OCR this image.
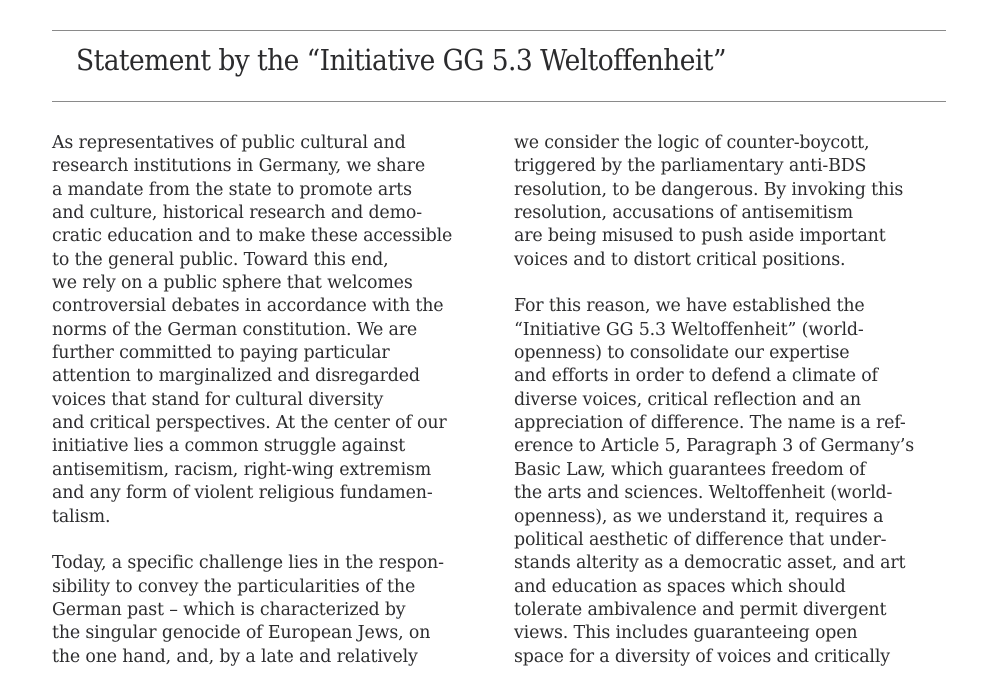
Statement by the “Initiative GG 5.3 Weltoffenheit”

As representatives of public cultural and
research institutions in Germany, we share
a mandate from the state to promote arts
and culture, historical research and demo-
cratic education and to make these accessible
to the general public. Toward this end,
we rely on a public sphere that welcomes
controversial debates in accordance with the
norms of the German constitution. We are
further committed to paying particular
attention to marginalized and disregarded
voices that stand for cultural diversity
and critical perspectives. At the center of our
initiative lies a common struggle against
antisemitism, racism, right-wing extremism
and any form of violent religious fundamen-
talism.

Today, a specific challenge lies in the respon-
sibility to convey the particularities of the
German past – which is characterized by
the singular genocide of European Jews, on
the one hand, and, by a late and relatively

we consider the logic of counter-boycott,
triggered by the parliamentary anti-BDS
resolution, to be dangerous. By invoking this
resolution, accusations of antisemitism
are being misused to push aside important
voices and to distort critical positions.

For this reason, we have established the
“Initiative GG 5.3 Weltoffenheit” (world-
openness) to consolidate our expertise
and efforts in order to defend a climate of
diverse voices, critical reflection and an
appreciation of difference. The name is a ref-
erence to Article 5, Paragraph 3 of Germany’s
Basic Law, which guarantees freedom of
the arts and sciences. Weltoffenheit (world-
openness), as we understand it, requires a
political aesthetic of difference that under-
stands alterity as a democratic asset, and art
and education as spaces which should
tolerate ambivalence and permit divergent
views. This includes guaranteeing open
space for a diversity of voices and critically
